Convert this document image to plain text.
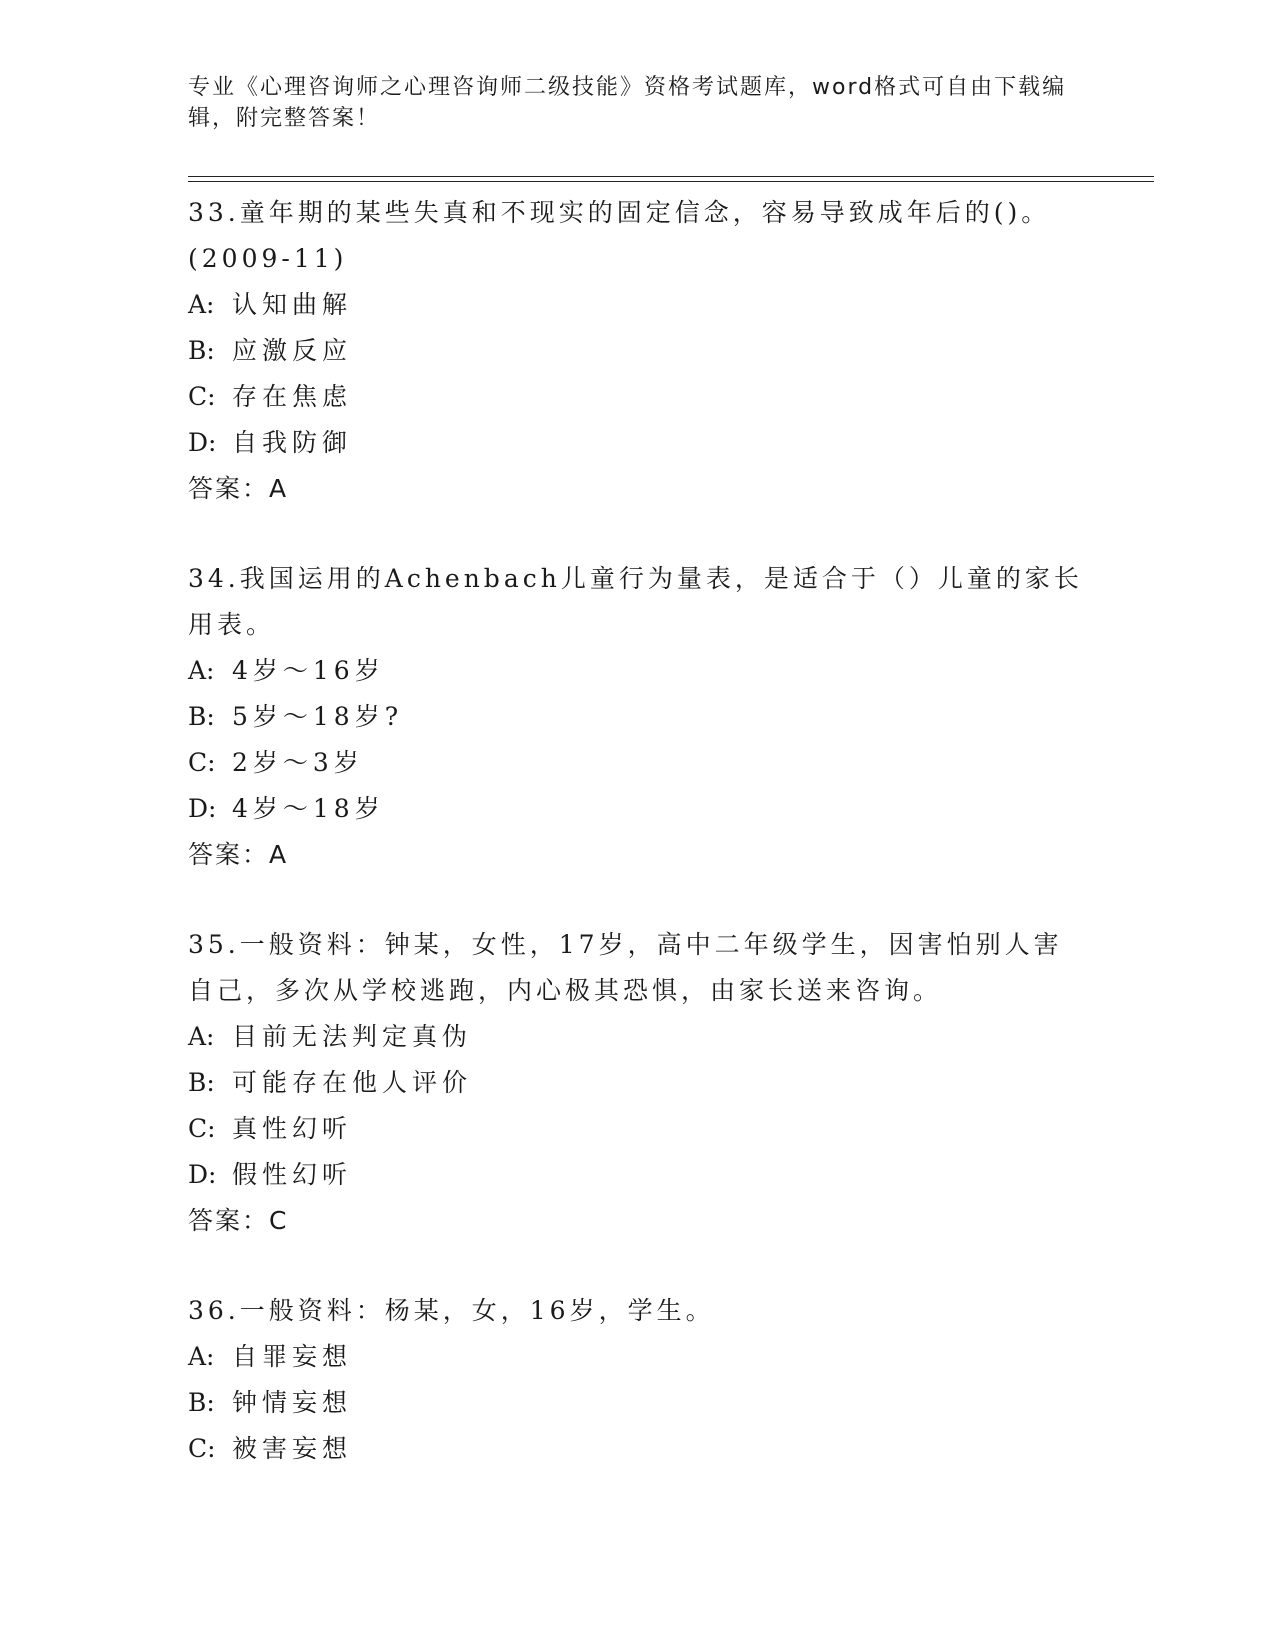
专业《心理咨询师之心理咨询师二级技能》资格考试题库，word格式可自由下载编辑，附完整答案！

33.童年期的某些失真和不现实的固定信念，容易导致成年后的()。(2009-11)

A: 认知曲解
B: 应激反应
C: 存在焦虑
D: 自我防御

答案：A

34.我国运用的Achenbach儿童行为量表，是适合于（）儿童的家长用表。

A: 4岁～16岁
B: 5岁～18岁?
C: 2岁～3岁
D: 4岁～18岁

答案：A

35.一般资料：钟某，女性，17岁，高中二年级学生，因害怕别人害自己，多次从学校逃跑，内心极其恐惧，由家长送来咨询。

A: 目前无法判定真伪
B: 可能存在他人评价
C: 真性幻听
D: 假性幻听

答案：C

36.一般资料：杨某，女，16岁，学生。

A: 自罪妄想
B: 钟情妄想
C: 被害妄想
